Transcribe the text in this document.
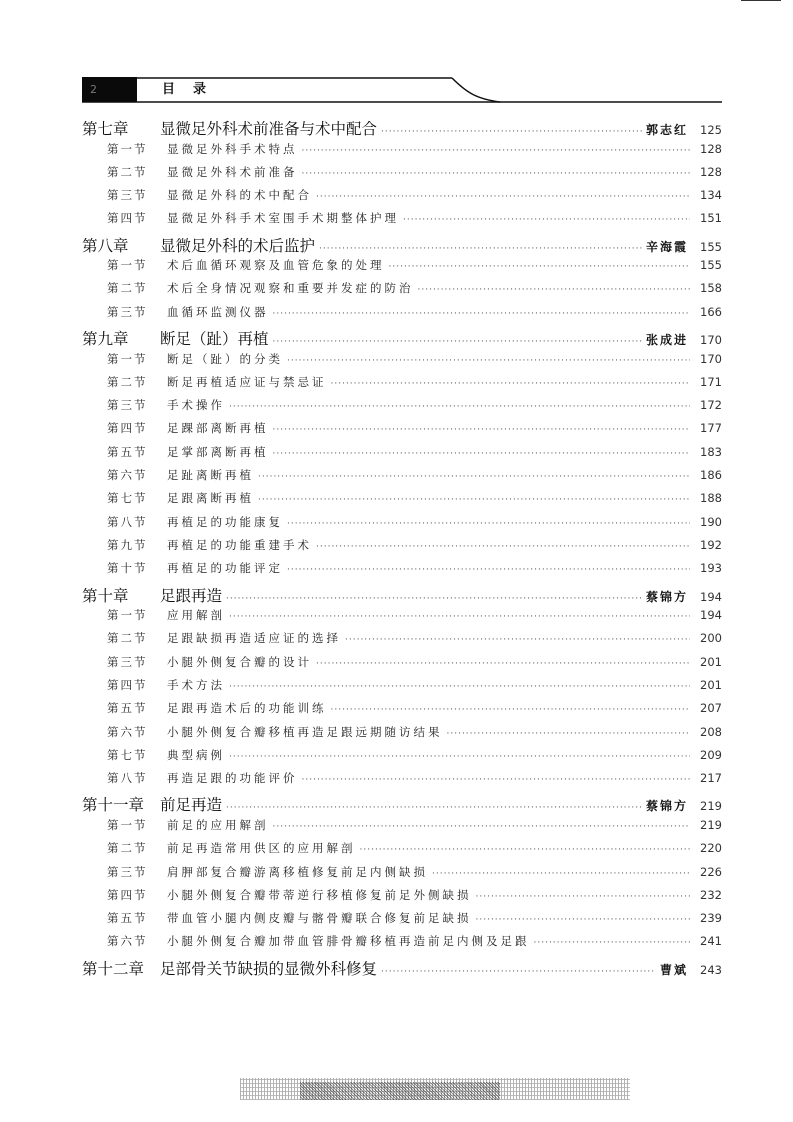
2	目录
第七章	显微足外科术前准备与术中配合 ·····	郭志红	125
第一节	显微足外科手术特点 ·····	128
第二节	显微足外科术前准备 ·····	128
第三节	显微足外科的术中配合 ·····	134
第四节	显微足外科手术室围手术期整体护理 ·····	151
第八章	显微足外科的术后监护 ·····	辛海霞	155
第一节	术后血循环观察及血管危象的处理 ·····	155
第二节	术后全身情况观察和重要并发症的防治 ·····	158
第三节	血循环监测仪器 ·····	166
第九章	断足（趾）再植 ·····	张成进	170
第一节	断足（趾）的分类 ·····	170
第二节	断足再植适应证与禁忌证 ·····	171
第三节	手术操作 ·····	172
第四节	足踝部离断再植 ·····	177
第五节	足掌部离断再植 ·····	183
第六节	足趾离断再植 ·····	186
第七节	足跟离断再植 ·····	188
第八节	再植足的功能康复 ·····	190
第九节	再植足的功能重建手术 ·····	192
第十节	再植足的功能评定 ·····	193
第十章	足跟再造 ·····	蔡锦方	194
第一节	应用解剖 ·····	194
第二节	足跟缺损再造适应证的选择 ·····	200
第三节	小腿外侧复合瓣的设计 ·····	201
第四节	手术方法 ·····	201
第五节	足跟再造术后的功能训练 ·····	207
第六节	小腿外侧复合瓣移植再造足跟远期随访结果 ·····	208
第七节	典型病例 ·····	209
第八节	再造足跟的功能评价 ·····	217
第十一章	前足再造 ·····	蔡锦方	219
第一节	前足的应用解剖 ·····	219
第二节	前足再造常用供区的应用解剖 ·····	220
第三节	肩胛部复合瓣游离移植修复前足内侧缺损 ·····	226
第四节	小腿外侧复合瓣带蒂逆行移植修复前足外侧缺损 ·····	232
第五节	带血管小腿内侧皮瓣与髂骨瓣联合修复前足缺损 ·····	239
第六节	小腿外侧复合瓣加带血管腓骨瓣移植再造前足内侧及足跟 ·····	241
第十二章	足部骨关节缺损的显微外科修复 ·····	曹斌	243
